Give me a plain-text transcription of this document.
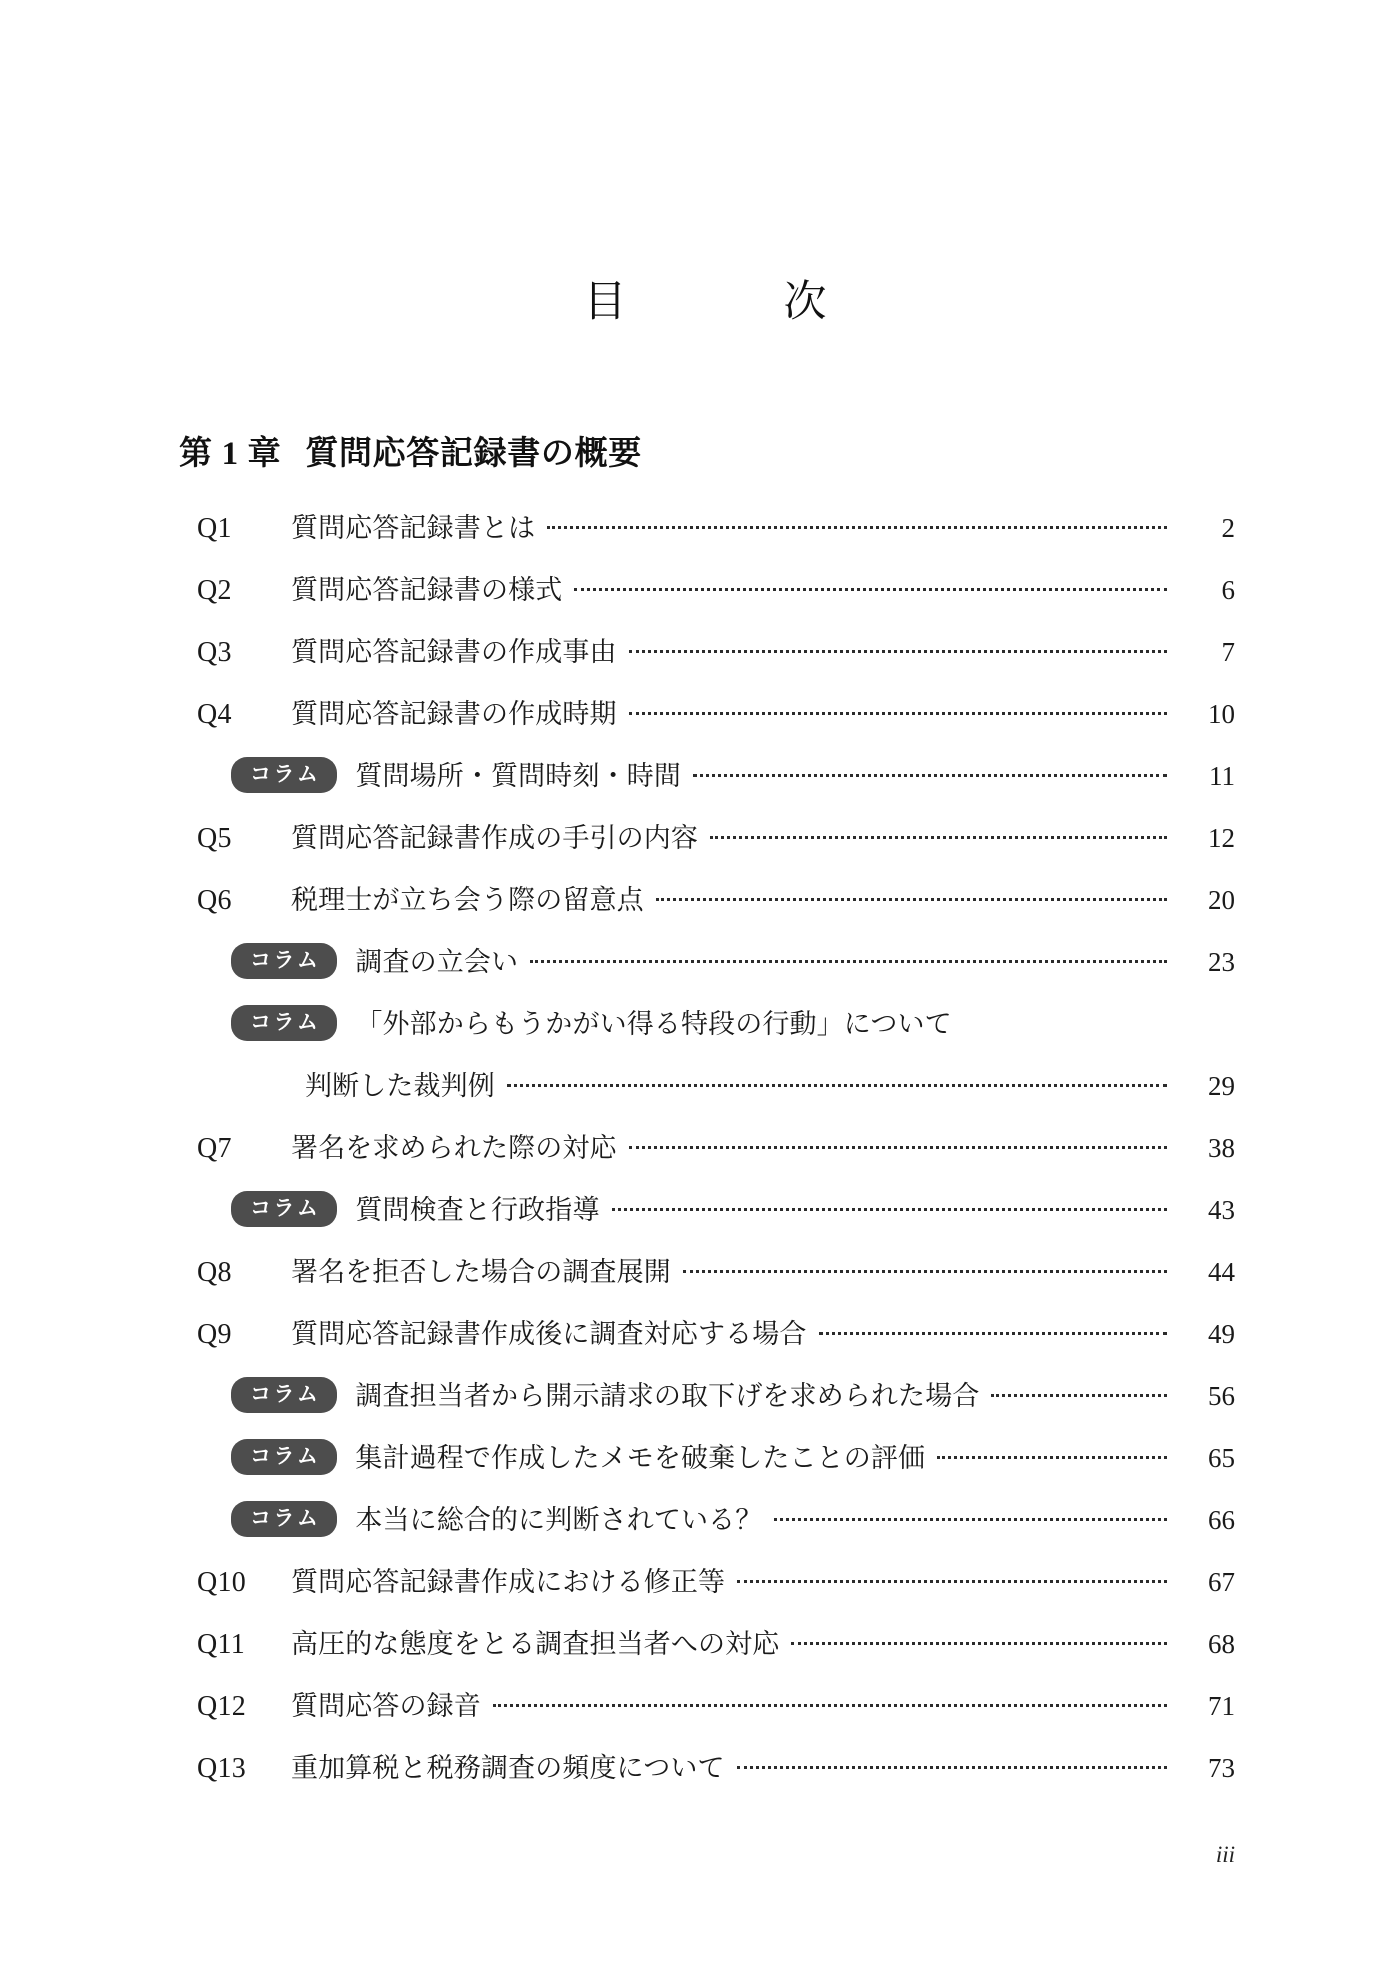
目　　次
第 1 章 質問応答記録書の概要
Q1	質問応答記録書とは	2
Q2	質問応答記録書の様式	6
Q3	質問応答記録書の作成事由	7
Q4	質問応答記録書の作成時期	10
コラム	質問場所・質問時刻・時間	11
Q5	質問応答記録書作成の手引の内容	12
Q6	税理士が立ち会う際の留意点	20
コラム	調査の立会い	23
コラム	「外部からもうかがい得る特段の行動」について
判断した裁判例	29
Q7	署名を求められた際の対応	38
コラム	質問検査と行政指導	43
Q8	署名を拒否した場合の調査展開	44
Q9	質問応答記録書作成後に調査対応する場合	49
コラム	調査担当者から開示請求の取下げを求められた場合	56
コラム	集計過程で作成したメモを破棄したことの評価	65
コラム	本当に総合的に判断されている？	66
Q10	質問応答記録書作成における修正等	67
Q11	高圧的な態度をとる調査担当者への対応	68
Q12	質問応答の録音	71
Q13	重加算税と税務調査の頻度について	73
iii
